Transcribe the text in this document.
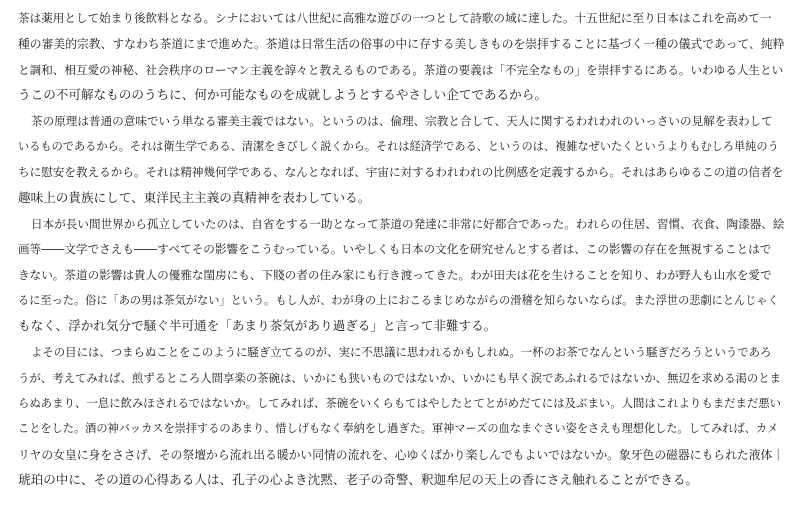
茶は薬用として始まり後飲料となる。シナにおいては八世紀に高雅な遊びの一つとして詩歌の域に達した。十五世紀に至り日本はこれを高めて一
種の審美的宗教、すなわち茶道にまで進めた。茶道は日常生活の俗事の中に存する美しきものを崇拝することに基づく一種の儀式であって、純粋
と調和、相互愛の神秘、社会秩序のローマン主義を諄々と教えるものである。茶道の要義は「不完全なもの」を崇拝するにある。いわゆる人生とい
うこの不可解なもののうちに、何か可能なものを成就しようとするやさしい企てであるから。
茶の原理は普通の意味でいう単なる審美主義ではない。というのは、倫理、宗教と合して、天人に関するわれわれのいっさいの見解を表わして
いるものであるから。それは衛生学である、清潔をきびしく説くから。それは経済学である、というのは、複雑なぜいたくというよりもむしろ単純のう
ちに慰安を教えるから。それは精神幾何学である、なんとなれば、宇宙に対するわれわれの比例感を定義するから。それはあらゆるこの道の信者を
趣味上の貴族にして、東洋民主主義の真精神を表わしている。
日本が長い間世界から孤立していたのは、自省をする一助となって茶道の発達に非常に好都合であった。われらの住居、習慣、衣食、陶漆器、絵
画等――文学でさえも――すべてその影響をこうむっている。いやしくも日本の文化を研究せんとする者は、この影響の存在を無視することはで
きない。茶道の影響は貴人の優雅な閨房にも、下賤の者の住み家にも行き渡ってきた。わが田夫は花を生けることを知り、わが野人も山水を愛で
るに至った。俗に「あの男は茶気がない」という。もし人が、わが身の上におこるまじめながらの滑稽を知らないならば。また浮世の悲劇にとんじゃく
もなく、浮かれ気分で騒ぐ半可通を「あまり茶気があり過ぎる」と言って非難する。
よその目には、つまらぬことをこのように騒ぎ立てるのが、実に不思議に思われるかもしれぬ。一杯のお茶でなんという騒ぎだろうというであろ
うが、考えてみれば、煎ずるところ人間享楽の茶碗は、いかにも狭いものではないか、いかにも早く涙であふれるではないか、無辺を求める渇のとま
らぬあまり、一息に飲みほされるではないか。してみれば、茶碗をいくらもてはやしたとてとがめだてには及ぶまい。人間はこれよりもまだまだ悪い
ことをした。酒の神バッカスを崇拝するのあまり、惜しげもなく奉納をし過ぎた。軍神マーズの血なまぐさい姿をさえも理想化した。してみれば、カメ
リヤの女皇に身をささげ、その祭壇から流れ出る暖かい同情の流れを、心ゆくばかり楽しんでもよいではないか。象牙色の磁器にもられた液体｜
琥珀の中に、その道の心得ある人は、孔子の心よき沈黙、老子の奇警、釈迦牟尼の天上の香にさえ触れることができる。
